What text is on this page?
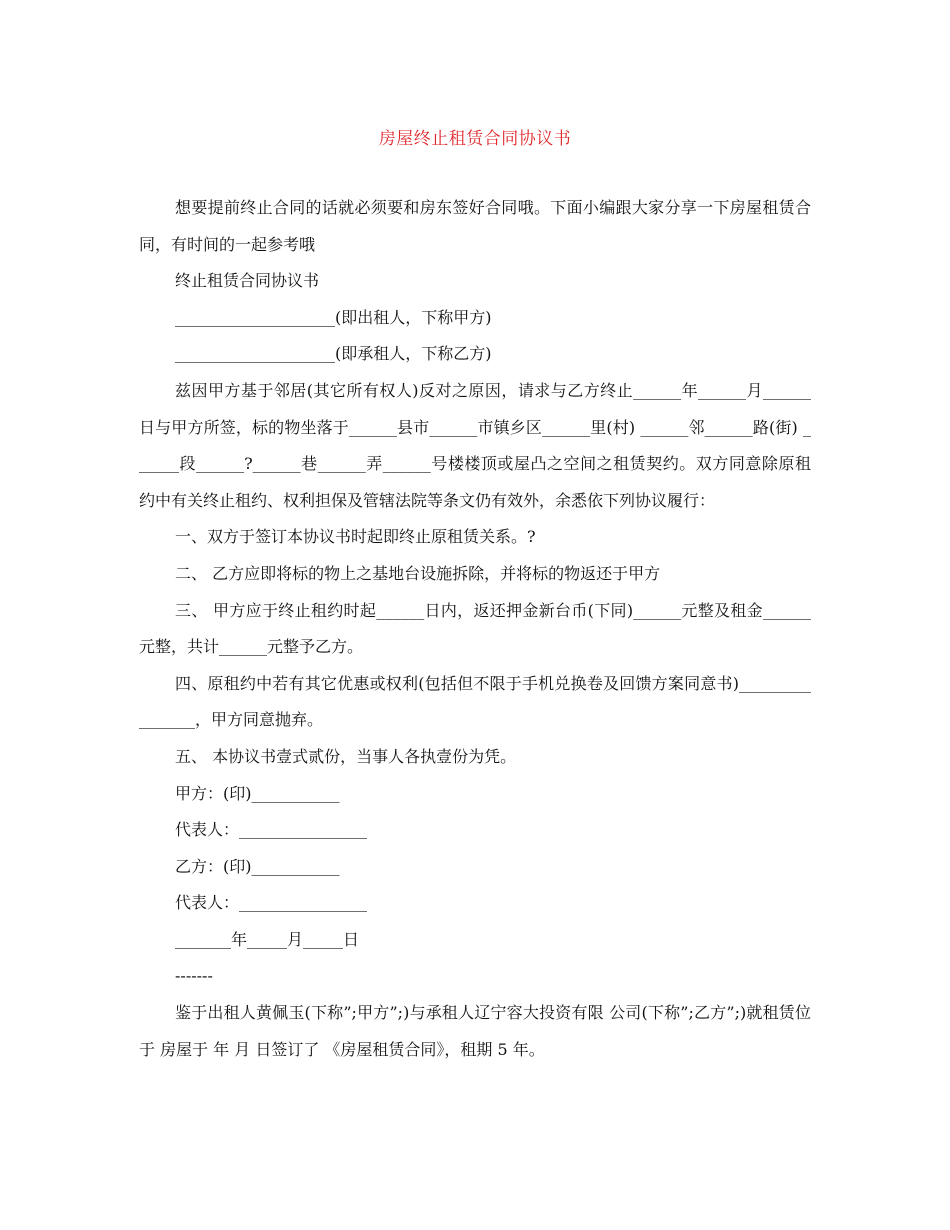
房屋终止租赁合同协议书

想要提前终止合同的话就必须要和房东签好合同哦。下面小编跟大家分享一下房屋租赁合同，有时间的一起参考哦

终止租赁合同协议书

____________________(即出租人，下称甲方)

____________________(即承租人，下称乙方)

兹因甲方基于邻居(其它所有权人)反对之原因，请求与乙方终止______年______月______日与甲方所签，标的物坐落于______县市______市镇乡区______里(村) ______邻______路(街) ______段______?______巷______弄______号楼楼顶或屋凸之空间之租赁契约。双方同意除原租约中有关终止租约、权利担保及管辖法院等条文仍有效外，余悉依下列协议履行：

一、双方于签订本协议书时起即终止原租赁关系。?

二、 乙方应即将标的物上之基地台设施拆除，并将标的物返还于甲方

三、 甲方应于终止租约时起______日内，返还押金新台币(下同)______元整及租金______元整，共计______元整予乙方。

四、原租约中若有其它优惠或权利(包括但不限于手机兑换卷及回馈方案同意书)________________，甲方同意抛弃。

五、 本协议书壹式贰份，当事人各执壹份为凭。

甲方：(印)___________

代表人：________________

乙方：(印)___________

代表人：________________

_______年_____月_____日

-------

鉴于出租人黄佩玉(下称”;甲方”;)与承租人辽宁容大投资有限 公司(下称”;乙方”;)就租赁位于 房屋于 年 月 日签订了 《房屋租赁合同》，租期 5 年。
